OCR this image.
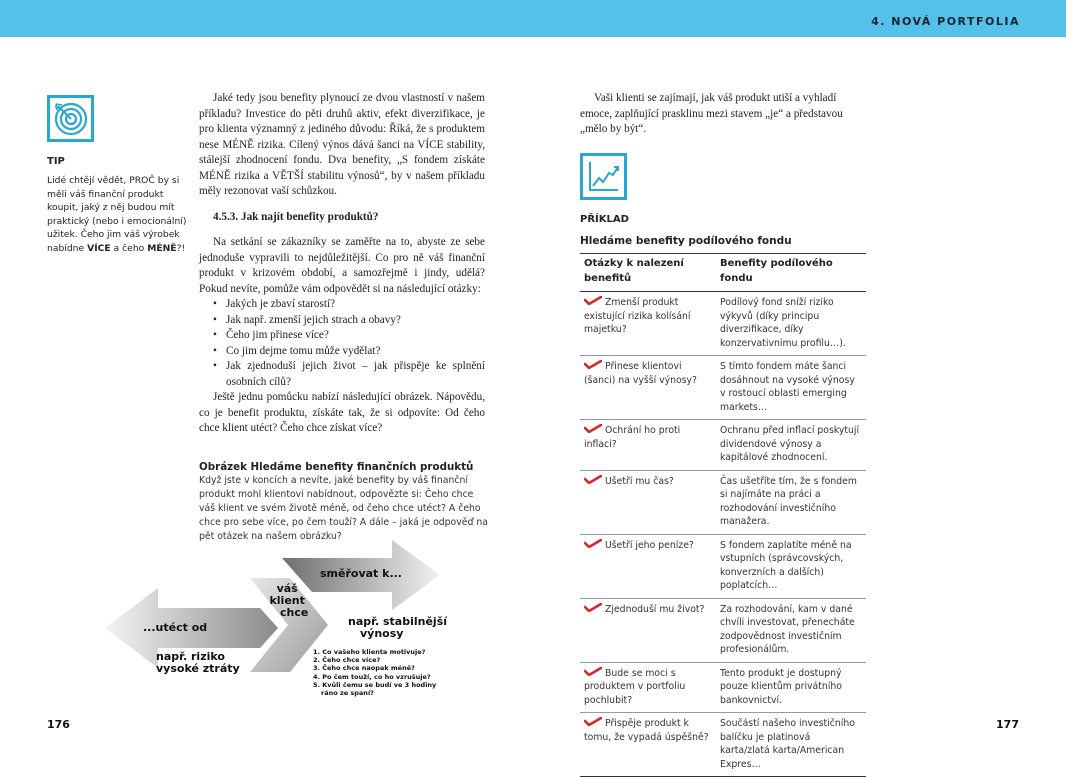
4. NOVÁ PORTFOLIA
TIP
Lidé chtějí vědět, PROČ by si měli váš finanční produkt koupit, jaký z něj budou mít praktický (nebo i emocionální) užitek. Čeho jim váš výrobek nabídne VÍCE a čeho MÉNĚ?!

Jaké tedy jsou benefity plynoucí ze dvou vlastností v našem příkladu? Investice do pěti druhů aktiv, efekt diverzifikace, je pro klienta významný z jediného důvodu: Říká, že s produktem nese MÉNĚ rizika. Cílený výnos dává šanci na VÍCE stability, stálejší zhodnocení fondu. Dva benefity, „S fondem získáte MÉNĚ rizika a VĚTŠÍ stabilitu výnosů“, by v našem příkladu měly rezonovat vaší schůzkou.

4.5.3. Jak najít benefity produktů?

Na setkání se zákazníky se zaměřte na to, abyste ze sebe jednoduše vypravili to nejdůležitější. Co pro ně váš finanční produkt v krizovém období, a samozřejmě i jindy, udělá? Pokud nevíte, pomůže vám odpovědět si na následující otázky:

• Jakých je zbaví starostí?
• Jak např. zmenší jejich strach a obavy?
• Čeho jim přinese více?
• Co jim dejme tomu může vydělat?
• Jak zjednoduší jejich život – jak přispěje ke splnění osobních cílů?

Ještě jednu pomůcku nabízí následující obrázek. Nápovědu, co je benefit produktu, získáte tak, že si odpovíte: Od čeho chce klient utéct? Čeho chce získat více?

Obrázek Hledáme benefity finančních produktů
Když jste v koncích a nevíte, jaké benefity by váš finanční produkt mohl klientovi nabídnout, odpovězte si: Čeho chce váš klient ve svém životě méně, od čeho chce utéct? A čeho chce pro sebe více, po čem touží? A dále – jaká je odpověď na pět otázek na našem obrázku?
...utéct od
např. riziko
vysoké ztráty
váš
klient
chce
směřovat k...
např. stabilnější
výnosy
1. Co vašeho klienta motivuje?
2. Čeho chce více?
3. Čeho chce naopak méně?
4. Po čem touží, co ho vzrušuje?
5. Kvůli čemu se budí ve 3 hodiny
ráno ze spaní?
176

Vaši klienti se zajímají, jak váš produkt utiší a vyhladí emoce, zaplňující prasklinu mezi stavem „je“ a představou „mělo by být“.

PŘÍKLAD
Hledáme benefity podílového fondu
Otázky k nalezení benefitů	Benefity podílového fondu
Zmenší produkt existující rizika kolísání majetku?	Podílový fond sníží riziko výkyvů (díky principu diverzifikace, díky konzervativnímu profilu…).
Přinese klientovi (šanci) na vyšší výnosy?	S tímto fondem máte šanci dosáhnout na vysoké výnosy v rostoucí oblasti emerging markets…
Ochrání ho proti inflaci?	Ochranu před inflací poskytují dividendové výnosy a kapitálové zhodnocení.
Ušetří mu čas?	Čas ušetříte tím, že s fondem si najímáte na práci a rozhodování investičního manažera.
Ušetří jeho peníze?	S fondem zaplatíte méně na vstupních (správcovských, konverzních a dalších) poplatcích…
Zjednoduší mu život?	Za rozhodování, kam v dané chvíli investovat, přenecháte zodpovědnost investičním profesionálům.
Bude se moci s produktem v portfoliu pochlubit?	Tento produkt je dostupný pouze klientům privátního bankovnictví.
Přispěje produkt k tomu, že vypadá úspěšně?	Součástí našeho investičního balíčku je platinová karta/zlatá karta/American Expres…
177
